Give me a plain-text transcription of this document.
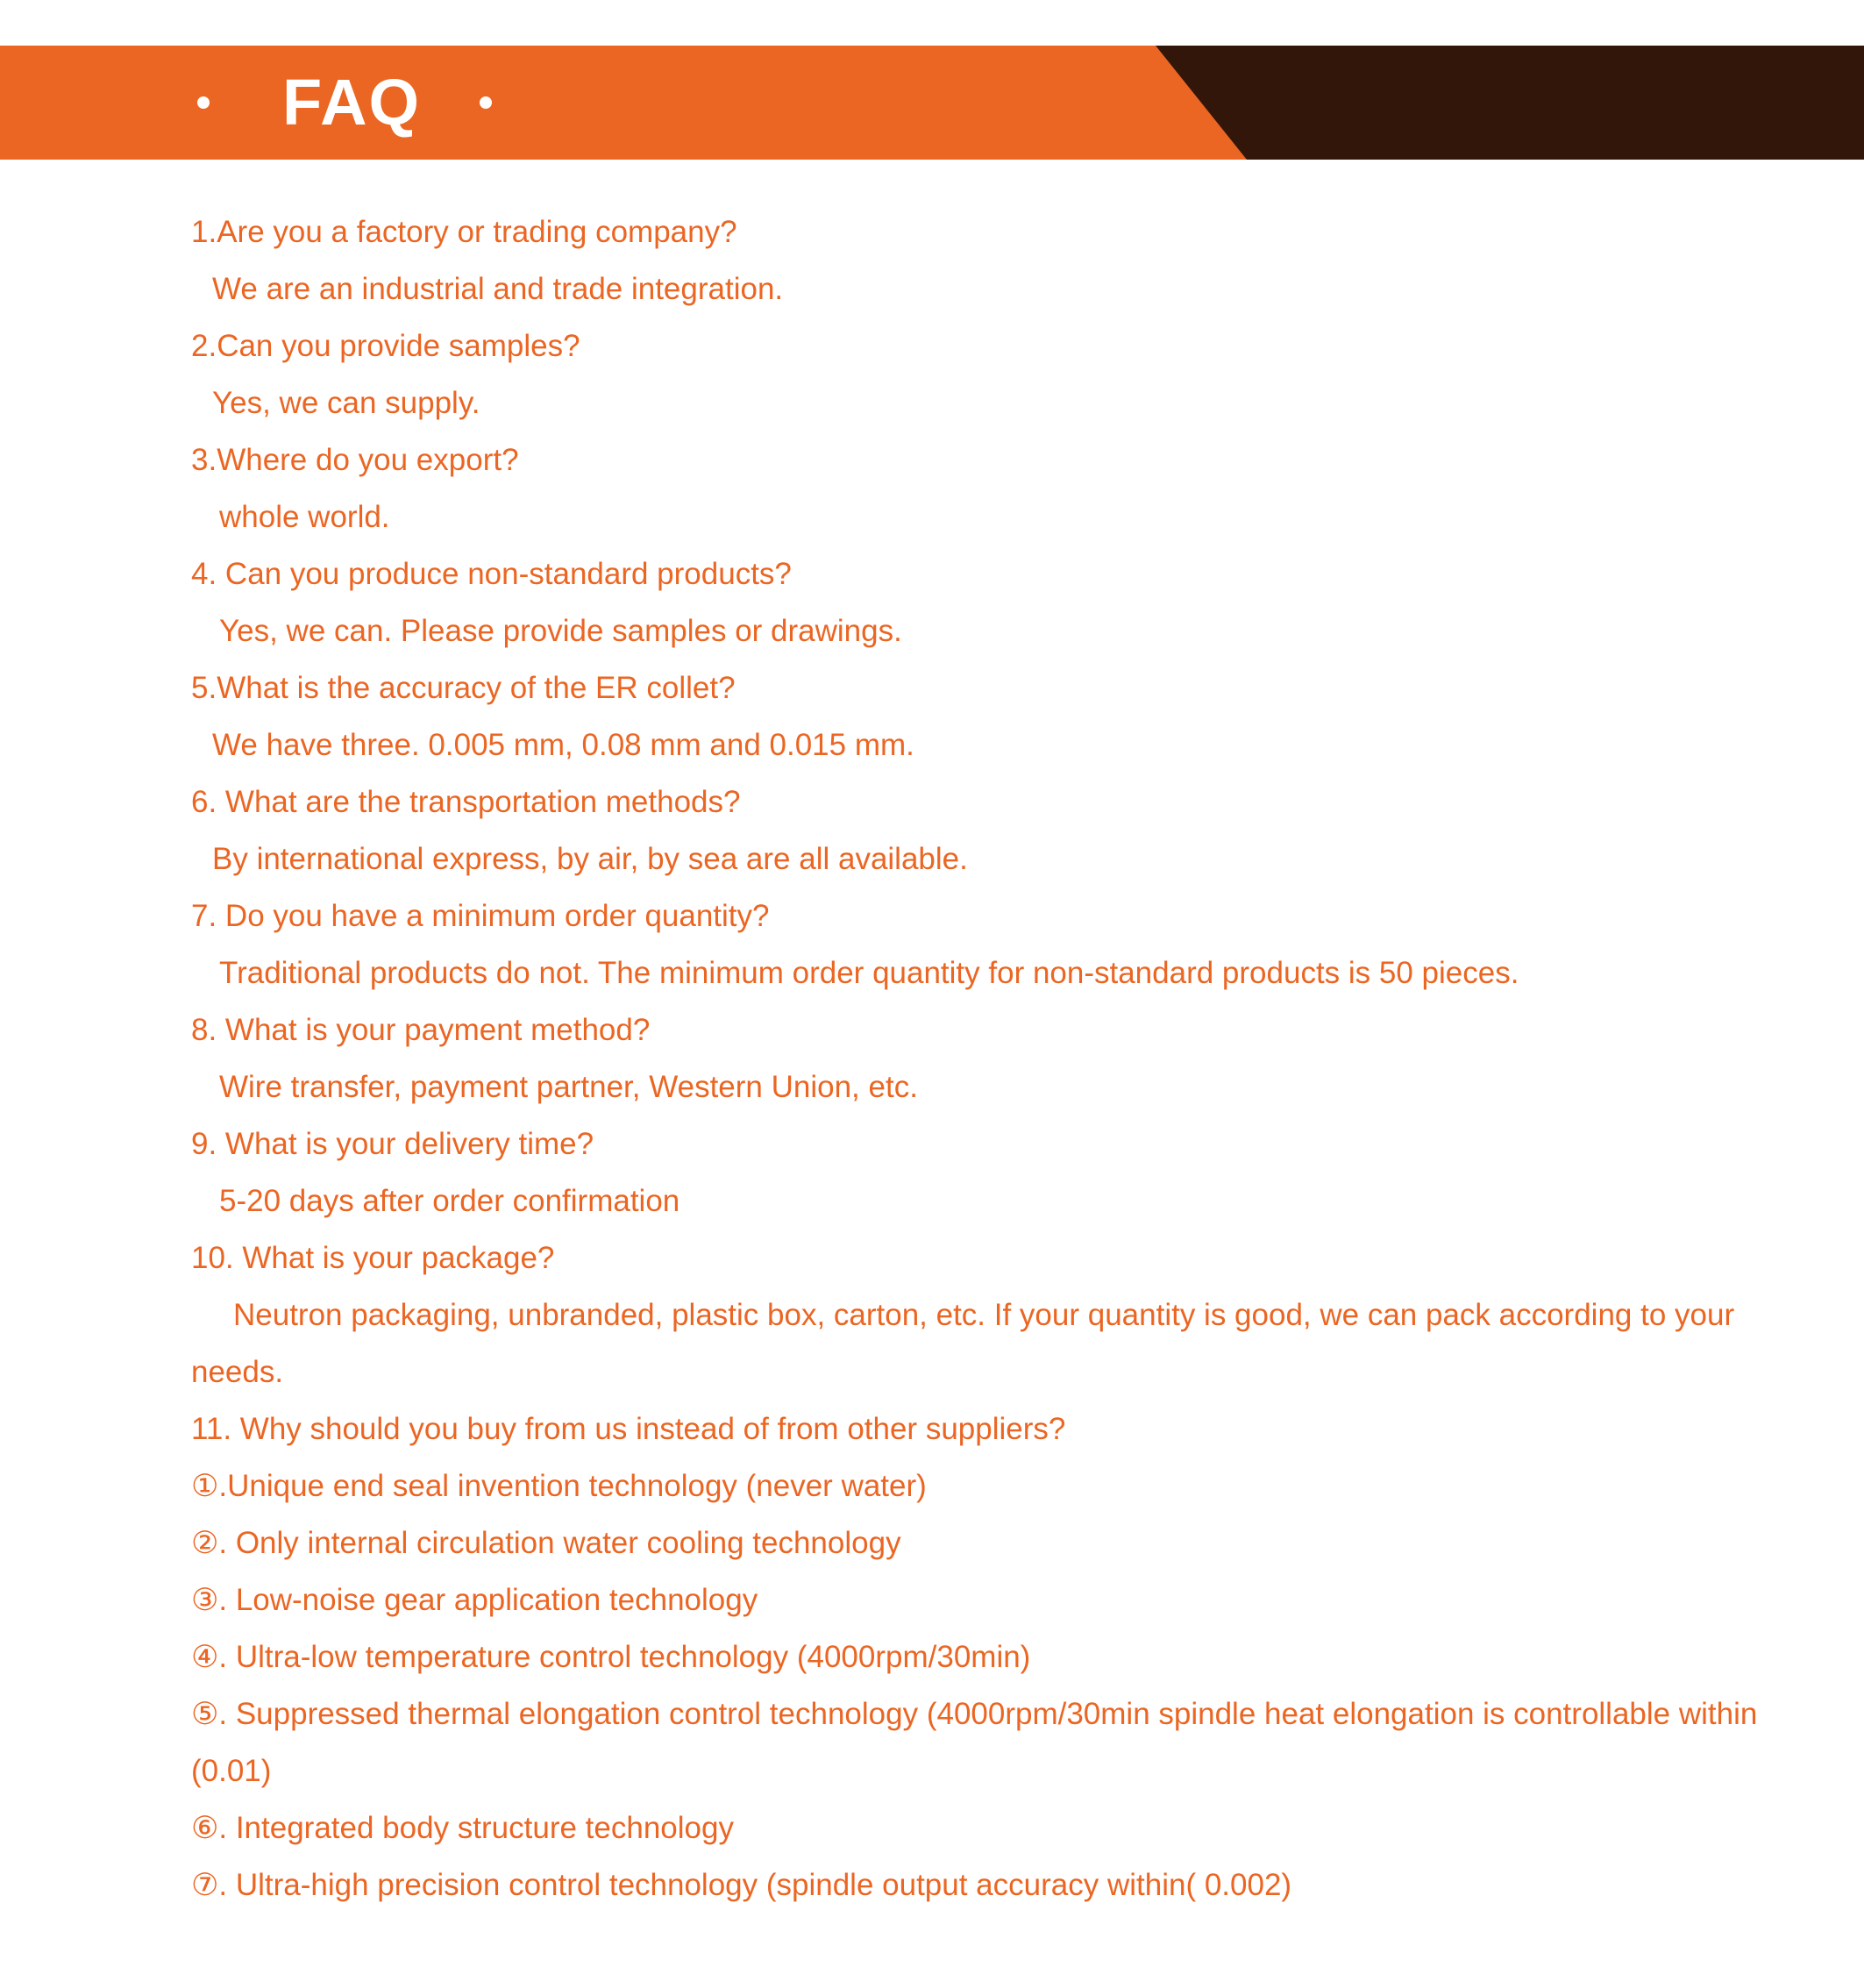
FAQ
1.Are you a factory or trading company?
We are an industrial and trade integration.
2.Can you provide samples?
Yes, we can supply.
3.Where do you export?
whole world.
4. Can you produce non-standard products?
Yes, we can. Please provide samples or drawings.
5.What is the accuracy of the ER collet?
We have three. 0.005 mm, 0.08 mm and 0.015 mm.
6. What are the transportation methods?
By international express, by air, by sea are all available.
7. Do you have a minimum order quantity?
Traditional products do not. The minimum order quantity for non-standard products is 50 pieces.
8. What is your payment method?
Wire transfer, payment partner, Western Union, etc.
9. What is your delivery time?
5-20 days after order confirmation
10. What is your package?
Neutron packaging, unbranded, plastic box, carton, etc. If your quantity is good, we can pack according to your needs.
11. Why should you buy from us instead of from other suppliers?
①.Unique end seal invention technology (never water)
②. Only internal circulation water cooling technology
③. Low-noise gear application technology
④. Ultra-low temperature control technology (4000rpm/30min)
⑤. Suppressed thermal elongation control technology (4000rpm/30min spindle heat elongation is controllable within (0.01)
⑥. Integrated body structure technology
⑦. Ultra-high precision control technology (spindle output accuracy within( 0.002)
